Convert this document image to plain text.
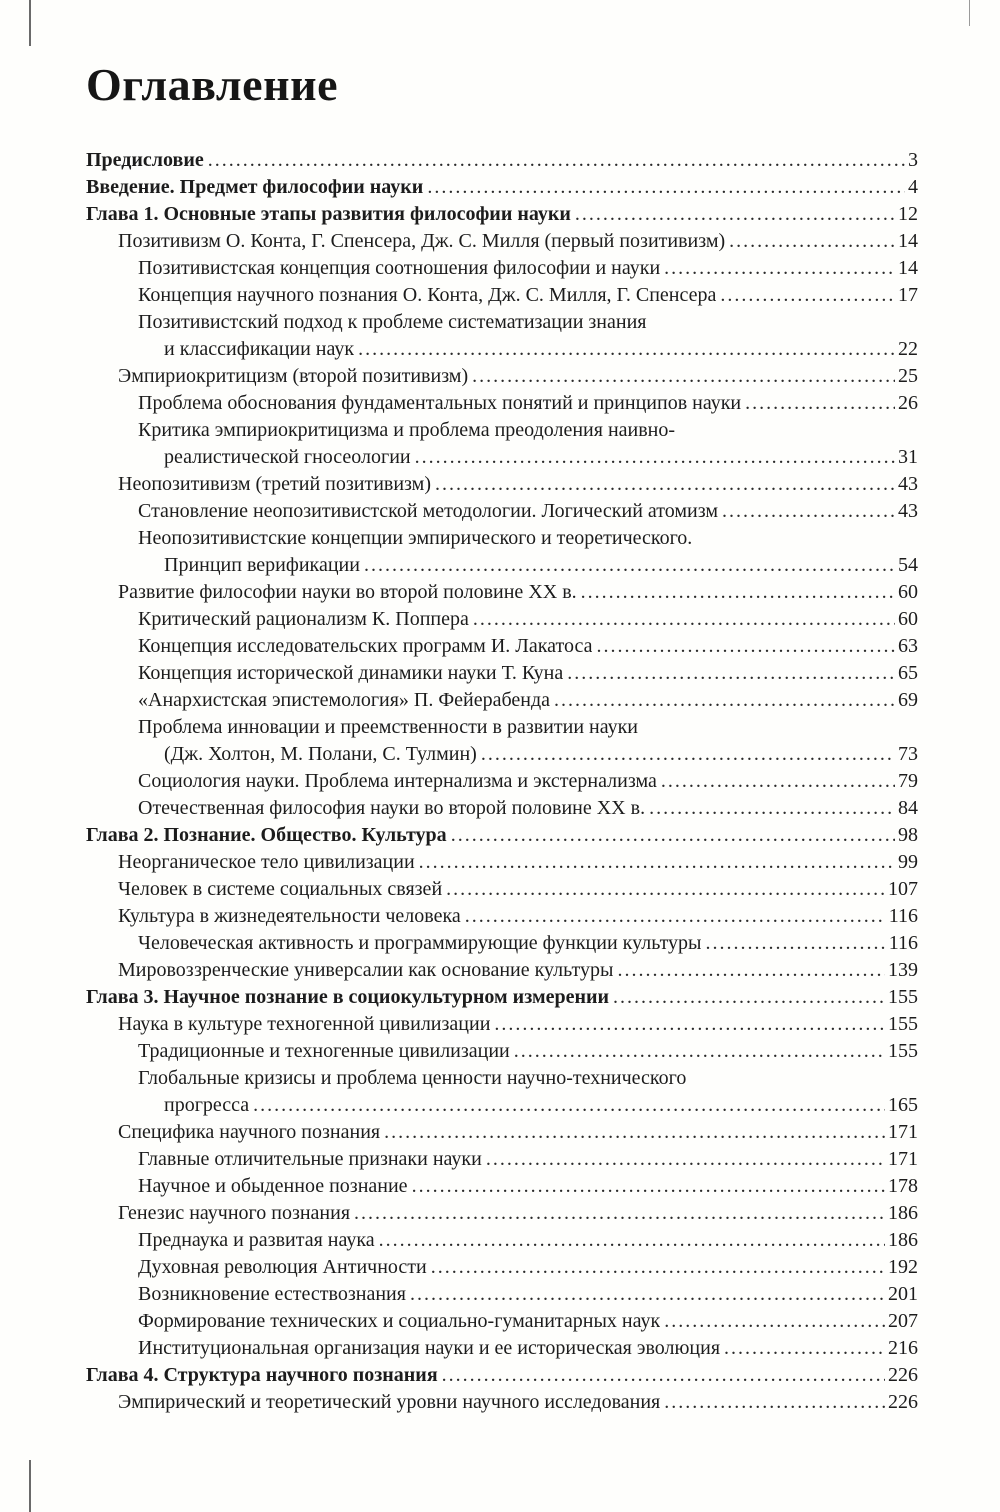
Оглавление
Предисловие .....	3
Введение. Предмет философии науки .....	4
Глава 1. Основные этапы развития философии науки .....	12
Позитивизм О. Конта, Г. Спенсера, Дж. С. Милля (первый позитивизм) .....	14
Позитивистская концепция соотношения философии и науки .....	14
Концепция научного познания О. Конта, Дж. С. Милля, Г. Спенсера .....	17
Позитивистский подход к проблеме систематизации знания
и классификации наук .....	22
Эмпириокритицизм (второй позитивизм) .....	25
Проблема обоснования фундаментальных понятий и принципов науки .....	26
Критика эмпириокритицизма и проблема преодоления наивно-
реалистической гносеологии .....	31
Неопозитивизм (третий позитивизм) .....	43
Становление неопозитивистской методологии. Логический атомизм .....	43
Неопозитивистские концепции эмпирического и теоретического.
Принцип верификации .....	54
Развитие философии науки во второй половине XX в. .....	60
Критический рационализм К. Поппера .....	60
Концепция исследовательских программ И. Лакатоса .....	63
Концепция исторической динамики науки Т. Куна .....	65
«Анархистская эпистемология» П. Фейерабенда .....	69
Проблема инновации и преемственности в развитии науки
(Дж. Холтон, М. Полани, С. Тулмин) .....	73
Социология науки. Проблема интернализма и экстернализма .....	79
Отечественная философия науки во второй половине XX в. .....	84
Глава 2. Познание. Общество. Культура .....	98
Неорганическое тело цивилизации .....	99
Человек в системе социальных связей .....	107
Культура в жизнедеятельности человека .....	116
Человеческая активность и программирующие функции культуры .....	116
Мировоззренческие универсалии как основание культуры .....	139
Глава 3. Научное познание в социокультурном измерении .....	155
Наука в культуре техногенной цивилизации .....	155
Традиционные и техногенные цивилизации .....	155
Глобальные кризисы и проблема ценности научно-технического
прогресса .....	165
Специфика научного познания .....	171
Главные отличительные признаки науки .....	171
Научное и обыденное познание .....	178
Генезис научного познания .....	186
Преднаука и развитая наука .....	186
Духовная революция Античности .....	192
Возникновение естествознания .....	201
Формирование технических и социально-гуманитарных наук .....	207
Институциональная организация науки и ее историческая эволюция .....	216
Глава 4. Структура научного познания .....	226
Эмпирический и теоретический уровни научного исследования .....	226
